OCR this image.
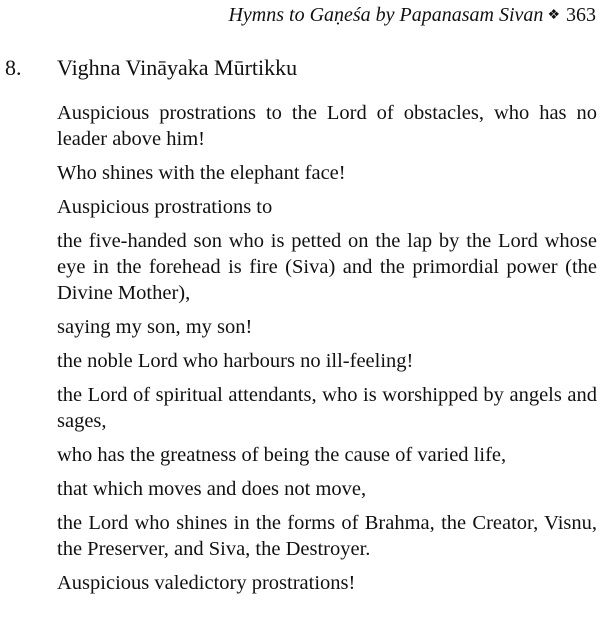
Hymns to Gaṇeśa by Papanasam Sivan ❖ 363
8. Vighna Vināyaka Mūrtikku

Auspicious prostrations to the Lord of obstacles, who has no leader above him!

Who shines with the elephant face!

Auspicious prostrations to

the five-handed son who is petted on the lap by the Lord whose eye in the forehead is fire (Siva) and the primordial power (the Divine Mother),

saying my son, my son!

the noble Lord who harbours no ill-feeling!

the Lord of spiritual attendants, who is worshipped by angels and sages,

who has the greatness of being the cause of varied life,

that which moves and does not move,

the Lord who shines in the forms of Brahma, the Creator, Visnu, the Preserver, and Siva, the Destroyer.

Auspicious valedictory prostrations!
